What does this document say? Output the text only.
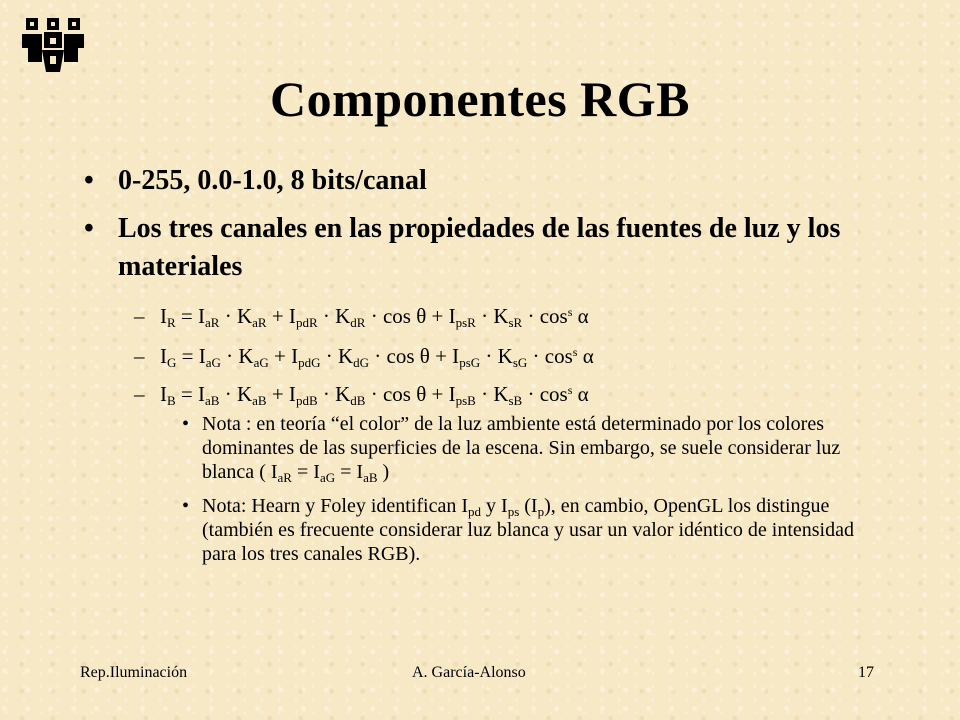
Componentes RGB
• 0-255, 0.0-1.0, 8 bits/canal
• Los tres canales en las propiedades de las fuentes de luz y los materiales
– $I_R = I_{aR} \cdot K_{aR} + I_{pdR} \cdot K_{dR} \cdot \cos \theta + I_{psR} \cdot K_{sR} \cdot \cos^s \alpha$
– $I_G = I_{aG} \cdot K_{aG} + I_{pdG} \cdot K_{dG} \cdot \cos \theta + I_{psG} \cdot K_{sG} \cdot \cos^s \alpha$
– $I_B = I_{aB} \cdot K_{aB} + I_{pdB} \cdot K_{dB} \cdot \cos \theta + I_{psB} \cdot K_{sB} \cdot \cos^s \alpha$
• Nota : en teoría “el color” de la luz ambiente está determinado por los colores dominantes de las superficies de la escena. Sin embargo, se suele considerar luz blanca ( $I_{aR} = I_{aG} = I_{aB}$ )
• Nota: Hearn y Foley identifican $I_{pd}$ y $I_{ps}$ $(I_p)$, en cambio, OpenGL los distingue (también es frecuente considerar luz blanca y usar un valor idéntico de intensidad para los tres canales RGB).
Rep.Iluminación	A. García-Alonso	17
